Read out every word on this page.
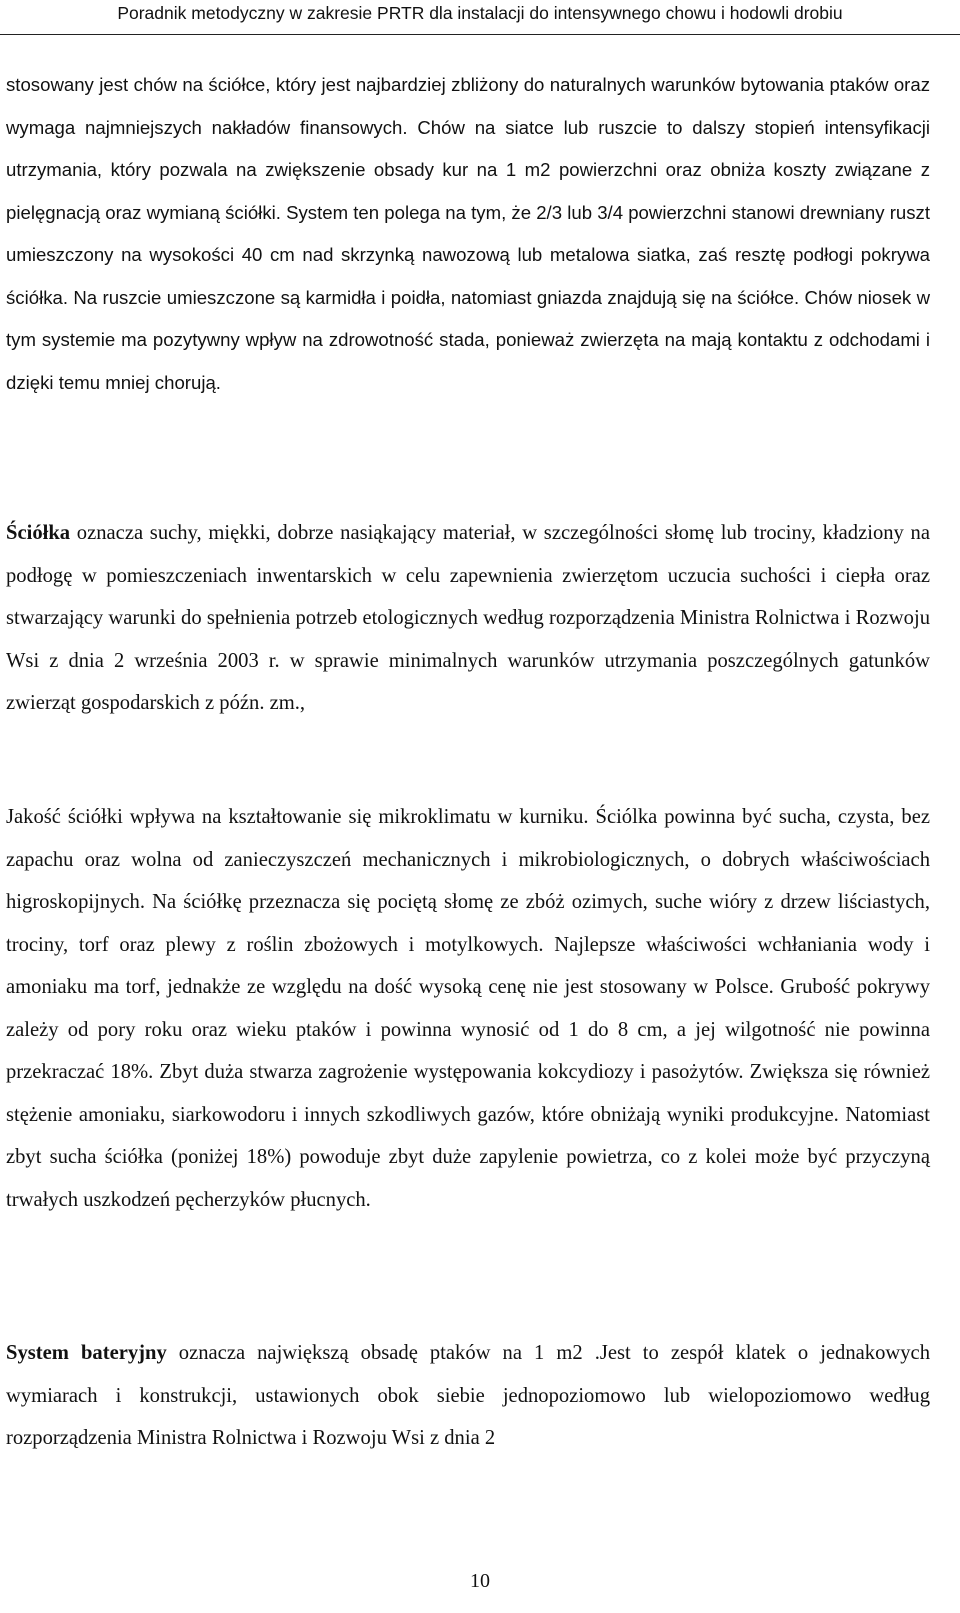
Poradnik metodyczny w zakresie PRTR dla instalacji do intensywnego chowu i hodowli drobiu

stosowany jest chów na ściółce, który jest najbardziej zbliżony do naturalnych warunków bytowania ptaków oraz wymaga najmniejszych nakładów finansowych. Chów na siatce lub ruszcie to dalszy stopień intensyfikacji utrzymania, który pozwala na zwiększenie obsady kur na 1 m2 powierzchni oraz obniża koszty związane z pielęgnacją oraz wymianą ściółki. System ten polega na tym, że 2/3 lub 3/4 powierzchni stanowi drewniany ruszt umieszczony na wysokości 40 cm nad skrzynką nawozową lub metalowa siatka, zaś resztę podłogi pokrywa ściółka. Na ruszcie umieszczone są karmidła i poidła, natomiast gniazda znajdują się na ściółce. Chów niosek w tym systemie ma pozytywny wpływ na zdrowotność stada, ponieważ zwierzęta na mają kontaktu z odchodami i dzięki temu mniej chorują.

Ściółka oznacza suchy, miękki, dobrze nasiąkający materiał, w szczególności słomę lub trociny, kładziony na podłogę w pomieszczeniach inwentarskich w celu zapewnienia zwierzętom uczucia suchości i ciepła oraz stwarzający warunki do spełnienia potrzeb etologicznych według rozporządzenia Ministra Rolnictwa i Rozwoju Wsi z dnia 2 września 2003 r. w sprawie minimalnych warunków utrzymania poszczególnych gatunków zwierząt gospodarskich z późn. zm.,

Jakość ściółki wpływa na kształtowanie się mikroklimatu w kurniku. Ściólka powinna być sucha, czysta, bez zapachu oraz wolna od zanieczyszczeń mechanicznych i mikrobiologicznych, o dobrych właściwościach higroskopijnych. Na ściółkę przeznacza się pociętą słomę ze zbóż ozimych, suche wióry z drzew liściastych, trociny, torf oraz plewy z roślin zbożowych i motylkowych. Najlepsze właściwości wchłaniania wody i amoniaku ma torf, jednakże ze względu na dość wysoką cenę nie jest stosowany w Polsce. Grubość pokrywy zależy od pory roku oraz wieku ptaków i powinna wynosić od 1 do 8 cm, a jej wilgotność nie powinna przekraczać 18%. Zbyt duża stwarza zagrożenie występowania kokcydiozy i pasożytów. Zwiększa się również stężenie amoniaku, siarkowodoru i innych szkodliwych gazów, które obniżają wyniki produkcyjne. Natomiast zbyt sucha ściółka (poniżej 18%) powoduje zbyt duże zapylenie powietrza, co z kolei może być przyczyną trwałych uszkodzeń pęcherzyków płucnych.

System bateryjny oznacza największą obsadę ptaków na 1 m2 .Jest to zespół klatek o jednakowych wymiarach i konstrukcji, ustawionych obok siebie jednopoziomowo lub wielopoziomowo według rozporządzenia Ministra Rolnictwa i Rozwoju Wsi z dnia 2

10
